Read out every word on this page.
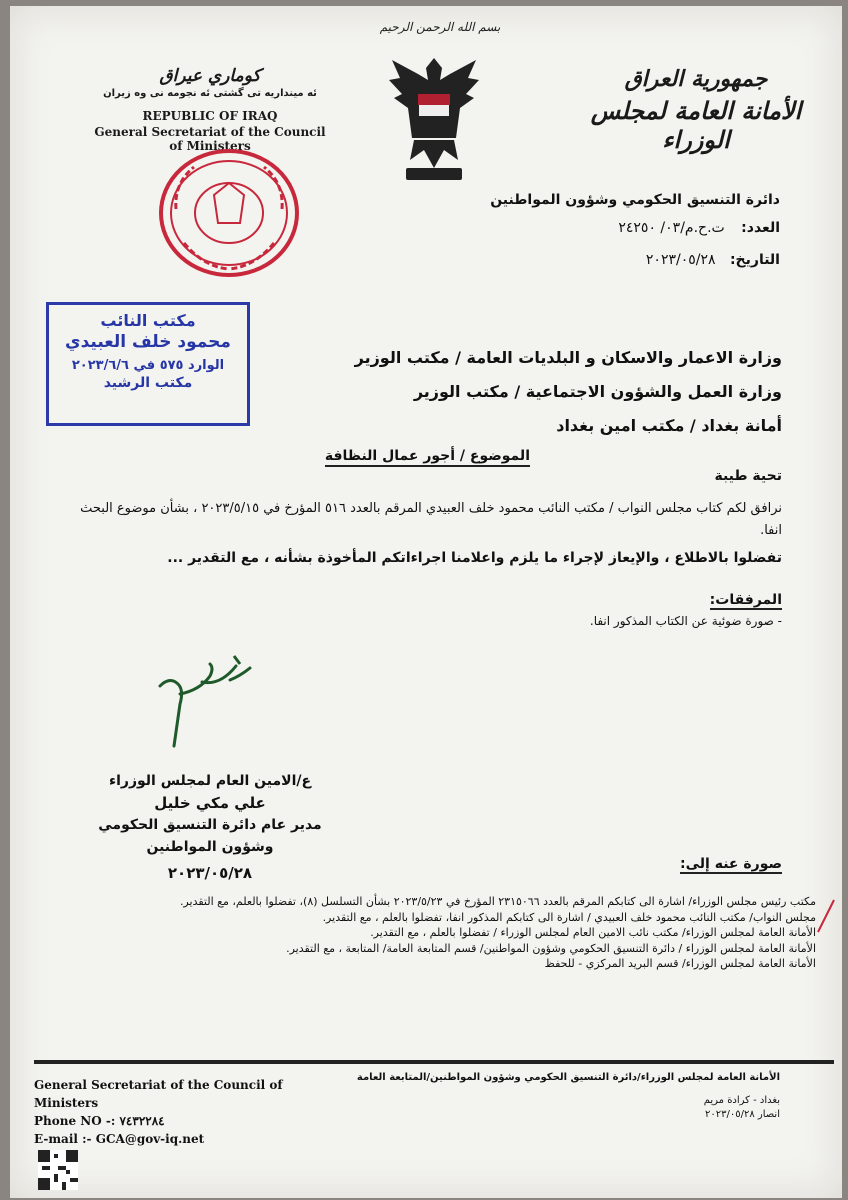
بسم الله الرحمن الرحيم
جمهورية العراق
الأمانة العامة لمجلس الوزراء
كوماري عيراق
ئه مينداريه تى گشتى ئه نجومه نى وه زيران
REPUBLIC OF IRAQ
General Secretariat of the Council of Ministers
دائرة التنسيق الحكومي وشؤون المواطنين
العدد: ت.ح.م/٠٣/ ٢٤٢٥٠
التاريخ: ٢٠٢٣/٠٥/٢٨
مكتب النائب
محمود خلف العبيدي
الوارد ٥٧٥ في ٢٠٢٣/٦/٦
مكتب الرشيد
وزارة الاعمار والاسكان و البلديات العامة / مكتب الوزير
وزارة العمل والشؤون الاجتماعية / مكتب الوزير
أمانة بغداد / مكتب امين بغداد
الموضوع / أجور عمال النظافة
تحية طيبة
نرافق لكم كتاب مجلس النواب / مكتب النائب محمود خلف العبيدي المرقم بالعدد ٥١٦ المؤرخ في ٢٠٢٣/٥/١٥ ، بشأن موضوع البحث انفا.
تفضلوا بالاطلاع ، والإيعاز لإجراء ما يلزم واعلامنا اجراءاتكم المأخوذة بشأنه ، مع التقدير ...
المرفقات:
- صورة ضوئية عن الكتاب المذكور انفا.
ع/الامين العام لمجلس الوزراء
علي مكي خليل
مدير عام دائرة التنسيق الحكومي
وشؤون المواطنين
٢٠٢٣/٠٥/٢٨	صورة عنه إلى:
مكتب رئيس مجلس الوزراء/ اشارة الى كتابكم المرقم بالعدد ٢٣١٥٠٦٦ المؤرخ في ٢٠٢٣/٥/٢٣ بشأن التسلسل (٨)، تفضلوا بالعلم، مع التقدير.
مجلس النواب/ مكتب النائب محمود خلف العبيدي / اشارة الى كتابكم المذكور انفا، تفضلوا بالعلم ، مع التقدير.
الأمانة العامة لمجلس الوزراء/ مكتب نائب الامين العام لمجلس الوزراء / تفضلوا بالعلم ، مع التقدير.
الأمانة العامة لمجلس الوزراء / دائرة التنسيق الحكومي وشؤون المواطنين/ قسم المتابعة العامة/ المتابعة ، مع التقدير.
الأمانة العامة لمجلس الوزراء/ قسم البريد المركزي - للحفظ
الأمانة العامة لمجلس الوزراء/دائرة التنسيق الحكومي وشؤون المواطنين/المتابعة العامة
بغداد - كرادة مريم
انصار ٢٠٢٣/٠٥/٢٨
General Secretariat of the Council of
Ministers
Phone NO -: ٧٤٣٢٢٨٤
E-mail :- GCA@gov-iq.net
